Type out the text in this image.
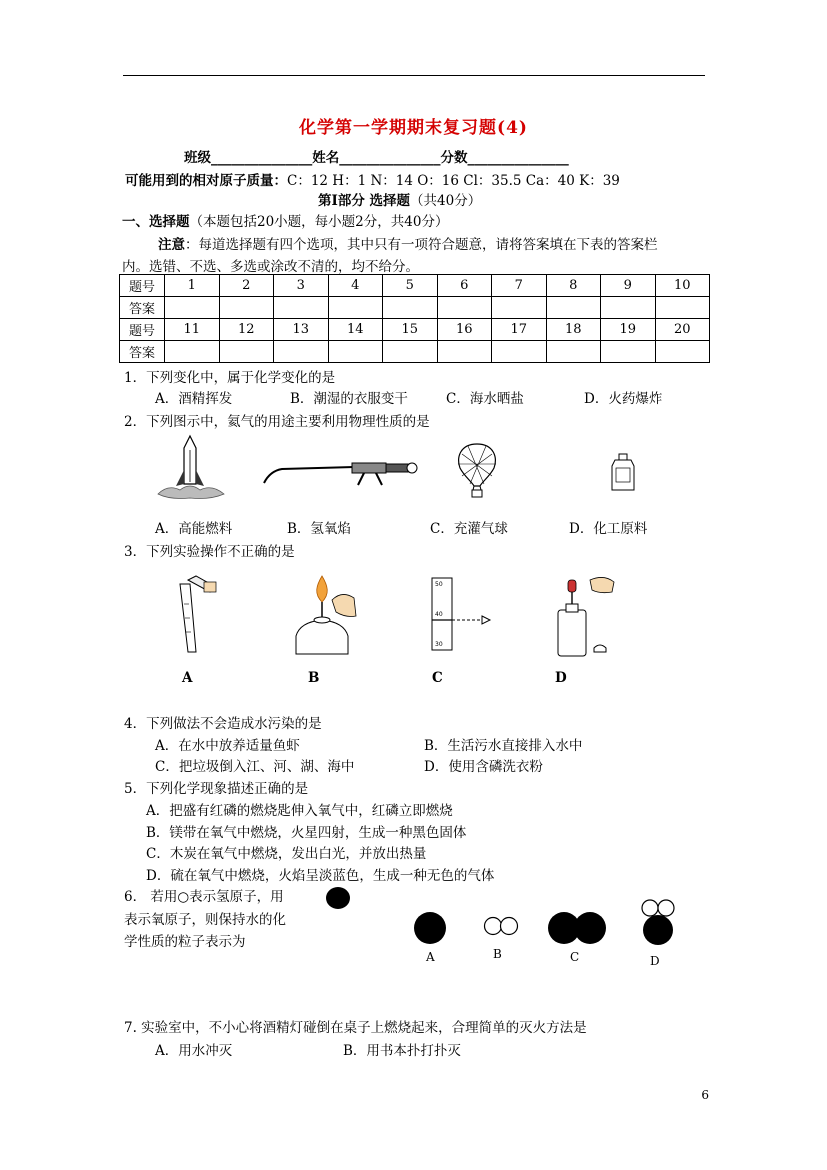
化学第一学期期末复习题(4)
班级_______________姓名_______________分数_______________
可能用到的相对原子质量：C：12 H：1 N：14 O：16 Cl：35.5 Ca：40 K：39
第Ⅰ部分 选择题（共40分）
一、选择题（本题包括20小题，每小题2分，共40分）
注意：每道选择题有四个选项，其中只有一项符合题意，请将答案填在下表的答案栏
内。选错、不选、多选或涂改不清的，均不给分。
题号	1	2	3	4	5	6	7	8	9	10
答案										
题号	11	12	13	14	15	16	17	18	19	20
答案										
1．下列变化中，属于化学变化的是
A．酒精挥发	B．潮湿的衣服变干	C．海水晒盐	D．火药爆炸
2．下列图示中，氦气的用途主要利用物理性质的是
A．高能燃料	B．氢氧焰	C．充灌气球	D．化工原料
3．下列实验操作不正确的是
50
40
30
A	B	C	D
4．下列做法不会造成水污染的是
A．在水中放养适量鱼虾	B．生活污水直接排入水中
C．把垃圾倒入江、河、湖、海中	D．使用含磷洗衣粉
5．下列化学现象描述正确的是
A．把盛有红磷的燃烧匙伸入氧气中，红磷立即燃烧
B．镁带在氧气中燃烧，火星四射，生成一种黑色固体
C．木炭在氧气中燃烧，发出白光，并放出热量
D．硫在氧气中燃烧，火焰呈淡蓝色，生成一种无色的气体
6． 若用○表示氢原子，用
表示氧原子，则保持水的化
学性质的粒子表示为
A	B	C	D
7. 实验室中，不小心将酒精灯碰倒在桌子上燃烧起来，合理简单的灭火方法是
A．用水冲灭	B．用书本扑打扑灭
6
